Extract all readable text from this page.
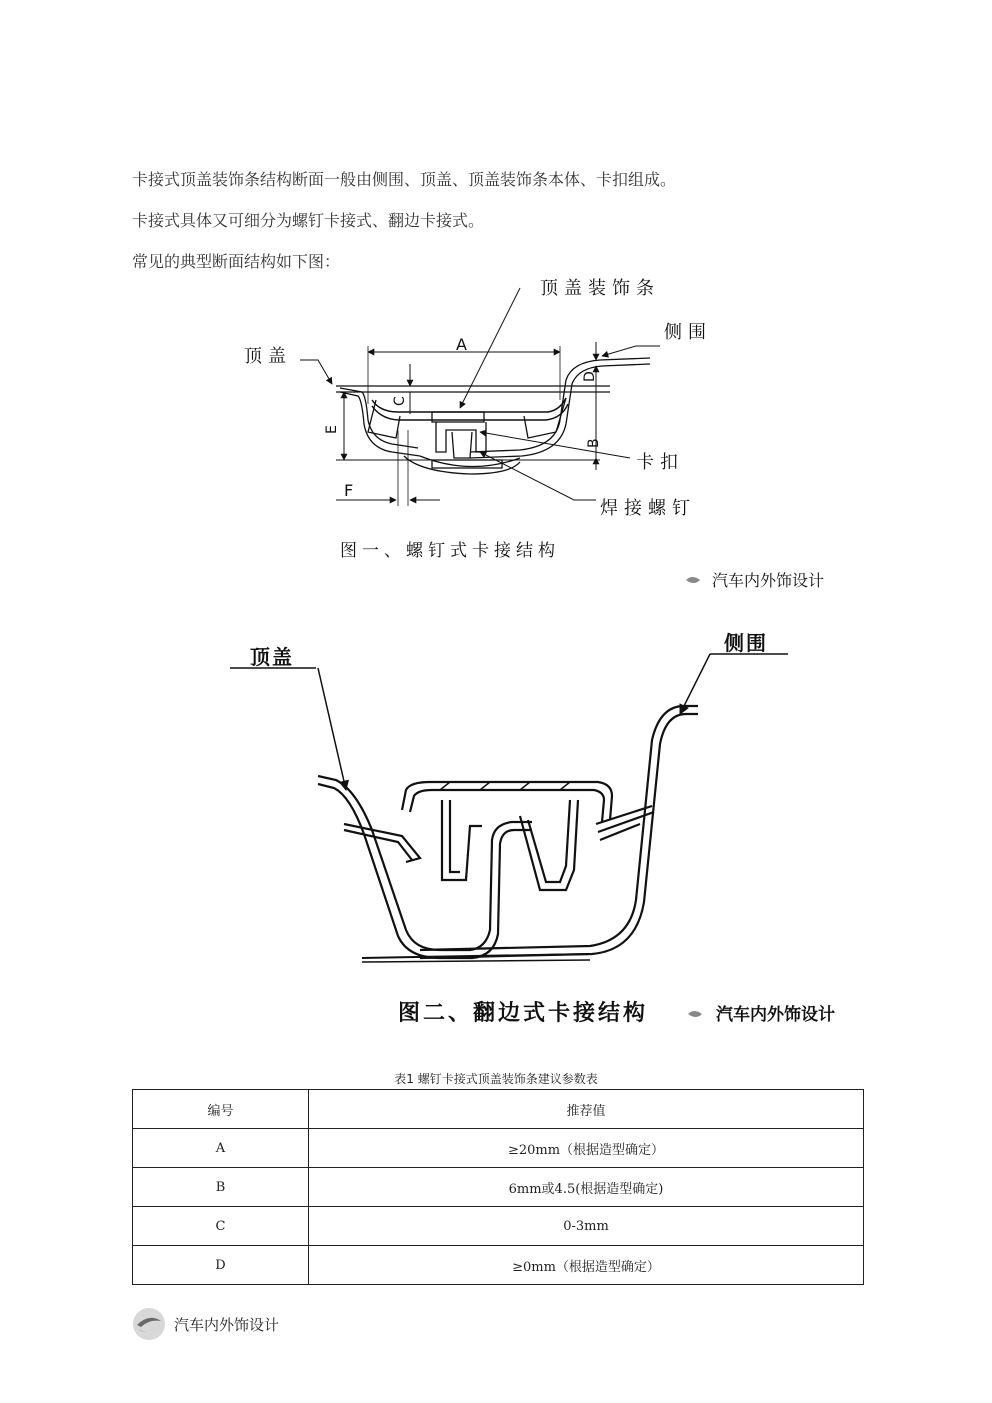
卡接式顶盖装饰条结构断面一般由侧围、顶盖、顶盖装饰条本体、卡扣组成。
卡接式具体又可细分为螺钉卡接式、翻边卡接式。
常见的典型断面结构如下图：
顶盖装饰条
侧围
顶盖
卡扣
焊接螺钉
A
B
C
D
E
F
图一、螺钉式卡接结构
顶盖
侧围
图二、翻边式卡接结构
汽车内外饰设计
汽车内外饰设计
表1 螺钉卡接式顶盖装饰条建议参数表
编号	推荐值
A	≥20mm（根据造型确定）
B	6mm或4.5(根据造型确定)
C	0-3mm
D	≥0mm（根据造型确定）
汽车内外饰设计
